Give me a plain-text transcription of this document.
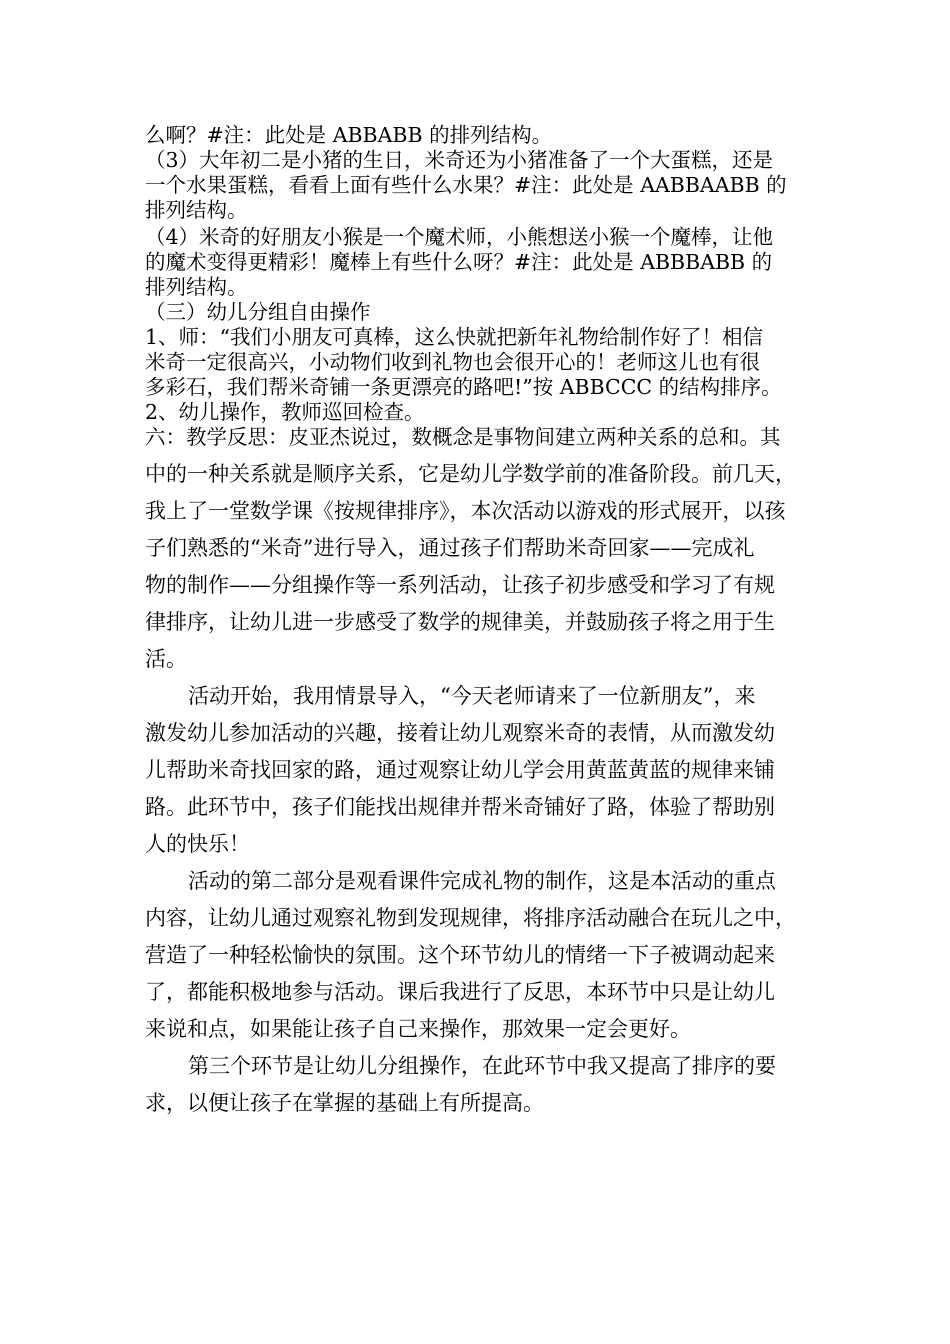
么啊？#注：此处是 ABBABB 的排列结构。
（3）大年初二是小猪的生日，米奇还为小猪准备了一个大蛋糕，还是
一个水果蛋糕，看看上面有些什么水果？#注：此处是 AABBAABB 的
排列结构。
（4）米奇的好朋友小猴是一个魔术师，小熊想送小猴一个魔棒，让他
的魔术变得更精彩！魔棒上有些什么呀？#注：此处是 ABBBABB 的
排列结构。
（三）幼儿分组自由操作
1、师：“我们小朋友可真棒，这么快就把新年礼物给制作好了！相信
米奇一定很高兴，小动物们收到礼物也会很开心的！老师这儿也有很
多彩石，我们帮米奇铺一条更漂亮的路吧!”按 ABBCCC 的结构排序。
2、幼儿操作，教师巡回检查。
六：教学反思：皮亚杰说过，数概念是事物间建立两种关系的总和。其
中的一种关系就是顺序关系，它是幼儿学数学前的准备阶段。前几天，
我上了一堂数学课《按规律排序》，本次活动以游戏的形式展开，以孩
子们熟悉的“米奇”进行导入，通过孩子们帮助米奇回家——完成礼
物的制作——分组操作等一系列活动，让孩子初步感受和学习了有规
律排序，让幼儿进一步感受了数学的规律美，并鼓励孩子将之用于生
活。
活动开始，我用情景导入，“今天老师请来了一位新朋友”，来
激发幼儿参加活动的兴趣，接着让幼儿观察米奇的表情，从而激发幼
儿帮助米奇找回家的路，通过观察让幼儿学会用黄蓝黄蓝的规律来铺
路。此环节中，孩子们能找出规律并帮米奇铺好了路，体验了帮助别
人的快乐！
活动的第二部分是观看课件完成礼物的制作，这是本活动的重点
内容，让幼儿通过观察礼物到发现规律，将排序活动融合在玩儿之中，
营造了一种轻松愉快的氛围。这个环节幼儿的情绪一下子被调动起来
了，都能积极地参与活动。课后我进行了反思，本环节中只是让幼儿
来说和点，如果能让孩子自己来操作，那效果一定会更好。
第三个环节是让幼儿分组操作，在此环节中我又提高了排序的要
求，以便让孩子在掌握的基础上有所提高。
